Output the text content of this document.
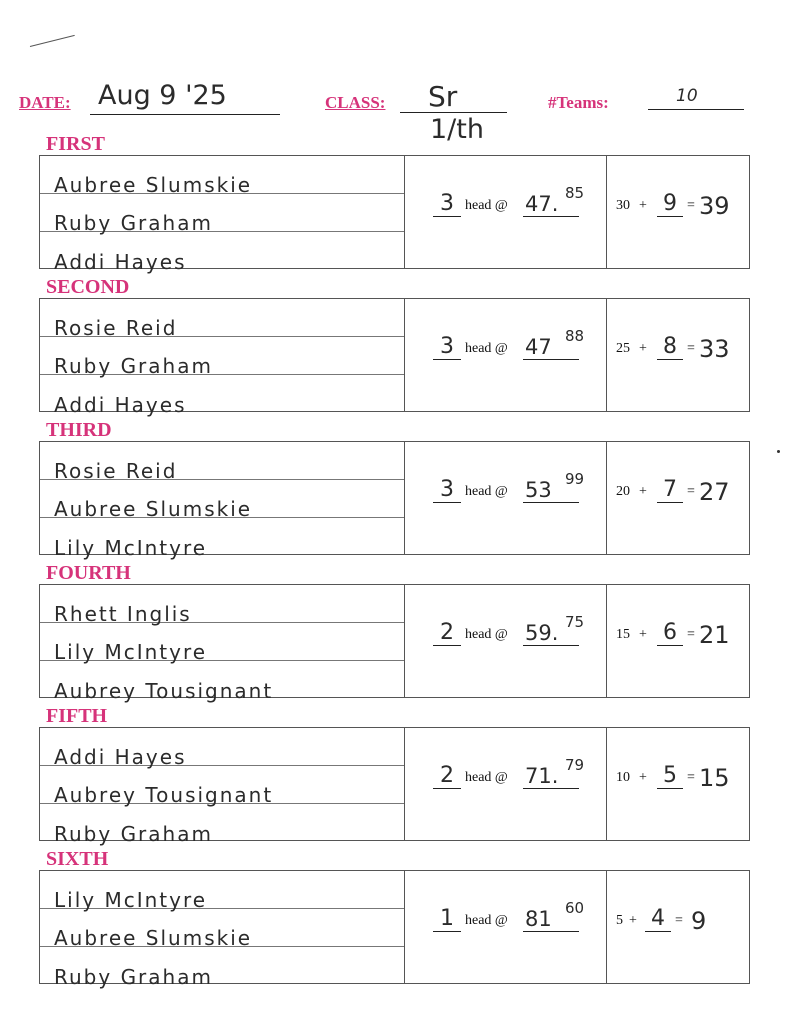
DATE: Aug 9 '25	CLASS: Sr
1/th
#Teams:	10
FIRST
Aubree Slumskie
Ruby Graham
Addi Hayes
3 head @ 47. 85
30 + 9 = 39
SECOND
Rosie Reid
Ruby Graham
Addi Hayes
3 head @ 47 88
25 + 8 = 33
THIRD
Rosie Reid
Aubree Slumskie
Lily McIntyre
3 head @ 53 99
20 + 7 = 27
FOURTH
Rhett Inglis
Lily McIntyre
Aubrey Tousignant
2 head @ 59. 75
15 + 6 = 21
FIFTH
Addi Hayes
Aubrey Tousignant
Ruby Graham
2 head @ 71. 79
10 + 5 = 15
SIXTH
Lily McIntyre
Aubree Slumskie
Ruby Graham
1 head @ 81 60
5 + 4 = 9
